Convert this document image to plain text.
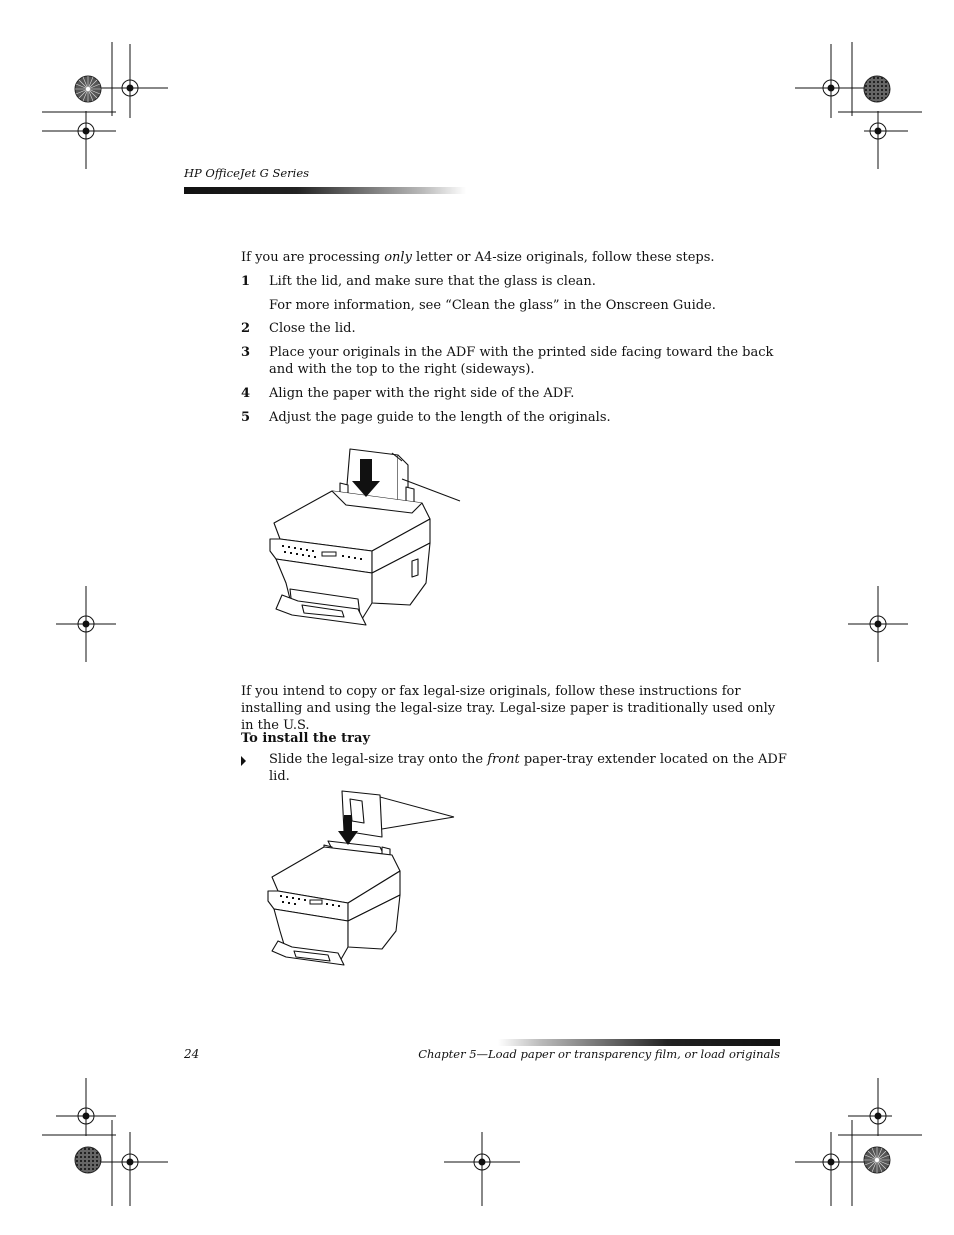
HP OfficeJet G Series
If you are processing only letter or A4-size originals, follow these steps.
1 Lift the lid, and make sure that the glass is clean.
For more information, see “Clean the glass” in the Onscreen Guide.
2 Close the lid.
3 Place your originals in the ADF with the printed side facing toward the back and with the top to the right (sideways).
4 Align the paper with the right side of the ADF.
5 Adjust the page guide to the length of the originals.
If you intend to copy or fax legal-size originals, follow these instructions for installing and using the legal-size tray. Legal-size paper is traditionally used only in the U.S.
To install the tray
Slide the legal-size tray onto the front paper-tray extender located on the ADF lid.
24	Chapter 5—Load paper or transparency film, or load originals
